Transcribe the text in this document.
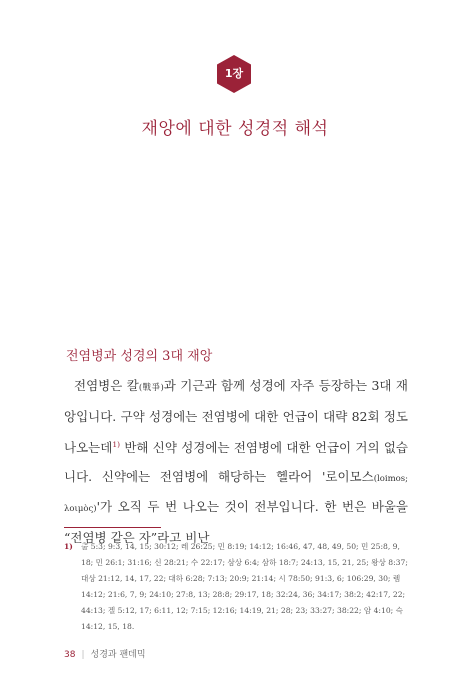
1장
재앙에 대한 성경적 해석
전염병과 성경의 3대 재앙

전염병은 칼(戰爭)과 기근과 함께 성경에 자주 등장하는 3대 재앙입니다. 구약 성경에는 전염병에 대한 언급이 대략 82회 정도 나오는데$^{1)}$ 반해 신약 성경에는 전염병에 대한 언급이 거의 없습니다. 신약에는 전염병에 해당하는 헬라어 '로이모스(loimos; λοιμὸς)'가 오직 두 번 나오는 것이 전부입니다. 한 번은 바울을 “전염병 같은 자”라고 비난

1) 출 5:3; 9:3, 14, 15; 30:12; 레 26:25; 민 8:19; 14:12; 16:46, 47, 48, 49, 50; 민 25:8, 9, 18; 민 26:1; 31:16; 신 28:21; 수 22:17; 삼상 6:4; 삼하 18:7; 24:13, 15, 21, 25; 왕상 8:37; 대상 21:12, 14, 17, 22; 대하 6:28; 7:13; 20:9; 21:14; 시 78:50; 91:3, 6; 106:29, 30; 렘 14:12; 21:6, 7, 9; 24:10; 27:8, 13; 28:8; 29:17, 18; 32:24, 36; 34:17; 38:2; 42:17, 22; 44:13; 겔 5:12, 17; 6:11, 12; 7:15; 12:16; 14:19, 21; 28; 23; 33:27; 38:22; 암 4:10; 슥 14:12, 15, 18.
38 | 성경과 팬데믹
